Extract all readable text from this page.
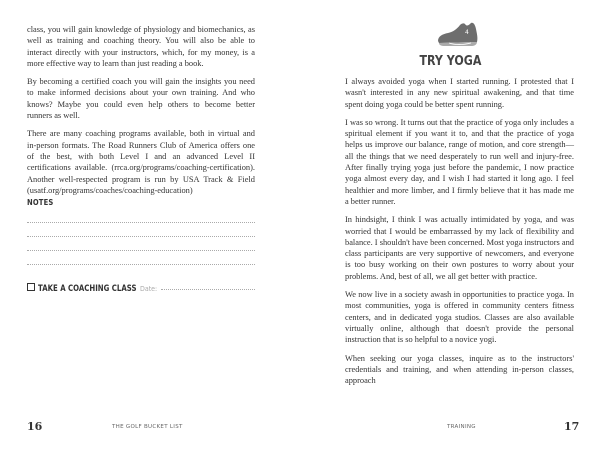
class, you will gain knowledge of physiology and biomechanics, as well as training and coaching theory. You will also be able to interact directly with your instructors, which, for my money, is a more effective way to learn than just reading a book.

By becoming a certified coach you will gain the insights you need to make informed decisions about your own training. And who knows? Maybe you could even help others to become better runners as well.

There are many coaching programs available, both in virtual and in-person formats. The Road Runners Club of America offers one of the best, with both Level I and an advanced Level II certifications available. (rrca.org/programs/coaching-certification). Another well-respected program is run by USA Track & Field (usatf.org/programs/coaches/coaching-education)

NOTES
TAKE A COACHING CLASS Date:
16	THE GOLF BUCKET LIST
4
TRY YOGA

I always avoided yoga when I started running. I protested that I wasn't interested in any new spiritual awakening, and that time spent doing yoga could be better spent running.

I was so wrong. It turns out that the practice of yoga only includes a spiritual element if you want it to, and that the practice of yoga helps us improve our balance, range of motion, and core strength—all the things that we need desperately to run well and injury-free. After finally trying yoga just before the pandemic, I now practice yoga almost every day, and I wish I had started it long ago. I feel healthier and more limber, and I firmly believe that it has made me a better runner.

In hindsight, I think I was actually intimidated by yoga, and was worried that I would be embarrassed by my lack of flexibility and balance. I shouldn't have been concerned. Most yoga instructors and class participants are very supportive of newcomers, and everyone is too busy working on their own postures to worry about your problems. And, best of all, we all get better with practice.

We now live in a society awash in opportunities to practice yoga. In most communities, yoga is offered in community centers fitness centers, and in dedicated yoga studios. Classes are also available virtually online, although that doesn't provide the personal instruction that is so helpful to a novice yogi.

When seeking our yoga classes, inquire as to the instructors' credentials and training, and when attending in-person classes, approach

TRAINING	17
